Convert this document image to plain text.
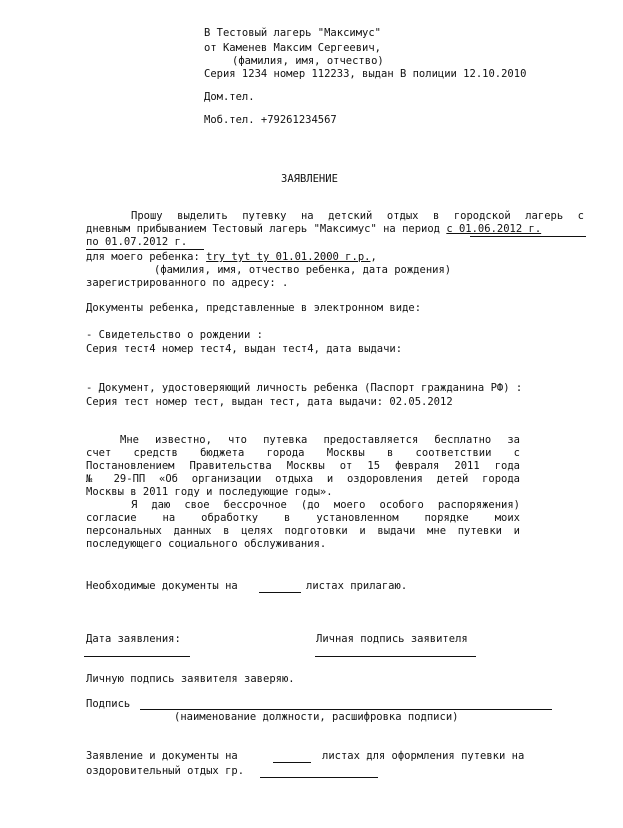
В Тестовый лагерь "Максимус"
от Каменев Максим Сергеевич,
(фамилия, имя, отчество)
Серия 1234 номер 112233, выдан В полиции 12.10.2010
Дом.тел.
Моб.тел. +79261234567
ЗАЯВЛЕНИЕ
Прошу выделить путевку на детский отдых в городской лагерь с
дневным прибыванием Тестовый лагерь "Максимус" на период с 01.06.2012 г.
по 01.07.2012 г.
для моего ребенка: try tyt ty 01.01.2000 г.р.,
(фамилия, имя, отчество ребенка, дата рождения)
зарегистрированного по адресу: .
Документы ребенка, представленные в электронном виде:
- Свидетельство о рождении :
Серия тест4 номер тест4, выдан тест4, дата выдачи:
- Документ, удостоверяющий личность ребенка (Паспорт гражданина РФ) :
Серия тест номер тест, выдан тест, дата выдачи: 02.05.2012
Мне известно, что путевка предоставляется бесплатно за
счет средств бюджета города Москвы в соответствии с
Постановлением Правительства Москвы от 15 февраля 2011 года
№ 29-ПП «Об организации отдыха и оздоровления детей города
Москвы в 2011 году и последующие годы».
Я даю свое бессрочное (до моего особого распоряжения)
согласие на обработку в установленном порядке моих
персональных данных в целях подготовки и выдачи мне путевки и
последующего социального обслуживания.
Необходимые документы на	листах прилагаю.
Дата заявления:	Личная подпись заявителя
Личную подпись заявителя заверяю.
Подпись
(наименование должности, расшифровка подписи)
Заявление и документы на	листах для оформления путевки на
оздоровительный отдых гр.
